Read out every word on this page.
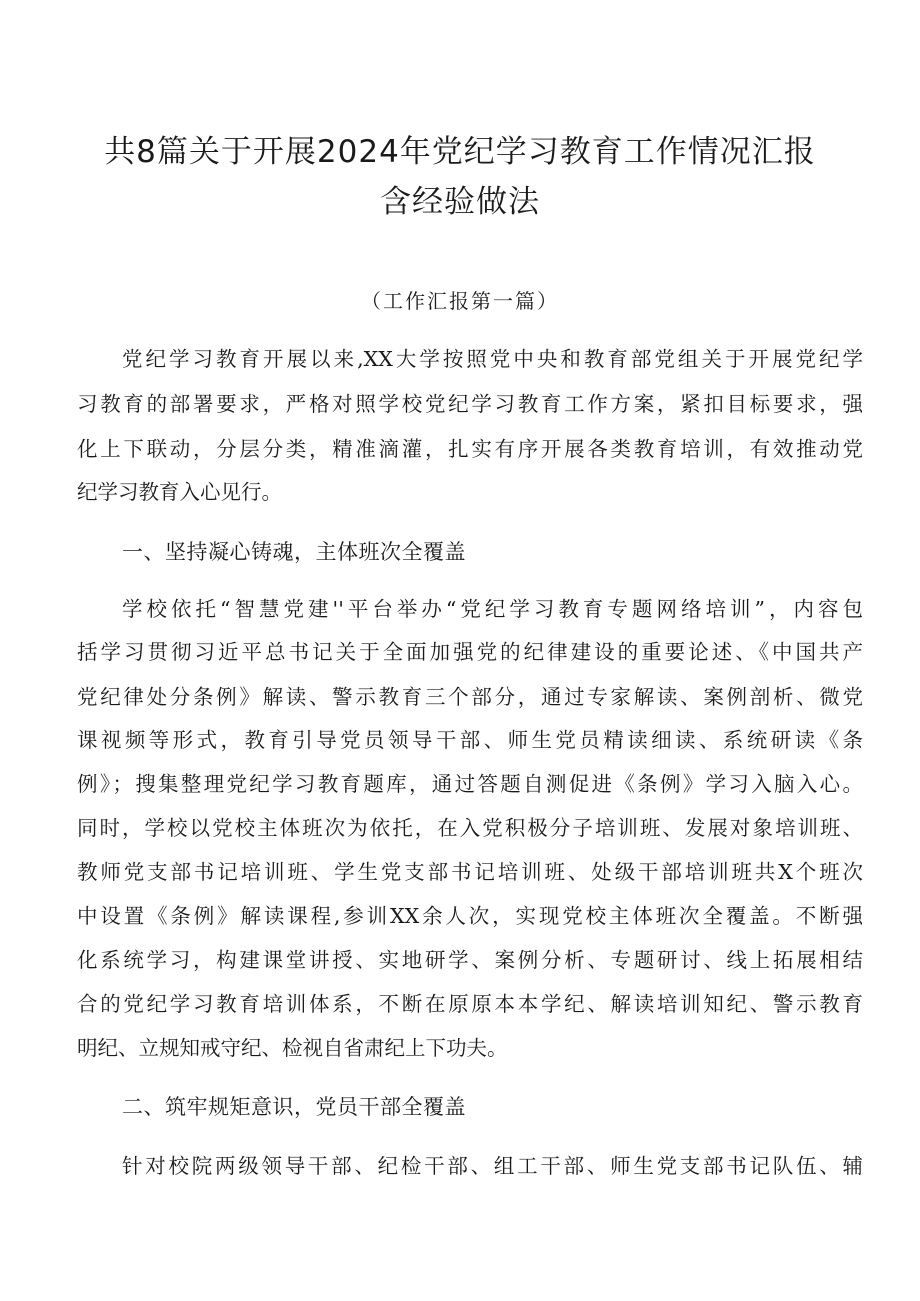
共8篇关于开展2024年党纪学习教育工作情况汇报
含经验做法
（工作汇报第一篇）
党纪学习教育开展以来,XX大学按照党中央和教育部党组关于开展党纪学
习教育的部署要求，严格对照学校党纪学习教育工作方案，紧扣目标要求，强
化上下联动，分层分类，精准滴灌，扎实有序开展各类教育培训，有效推动党
纪学习教育入心见行。
一、坚持凝心铸魂，主体班次全覆盖
学校依托“智慧党建''平台举办“党纪学习教育专题网络培训”，内容包
括学习贯彻习近平总书记关于全面加强党的纪律建设的重要论述、《中国共产
党纪律处分条例》解读、警示教育三个部分，通过专家解读、案例剖析、微党
课视频等形式，教育引导党员领导干部、师生党员精读细读、系统研读《条
例》；搜集整理党纪学习教育题库，通过答题自测促进《条例》学习入脑入心。
同时，学校以党校主体班次为依托，在入党积极分子培训班、发展对象培训班、
教师党支部书记培训班、学生党支部书记培训班、处级干部培训班共X个班次
中设置《条例》解读课程,参训XX余人次，实现党校主体班次全覆盖。不断强
化系统学习，构建课堂讲授、实地研学、案例分析、专题研讨、线上拓展相结
合的党纪学习教育培训体系，不断在原原本本学纪、解读培训知纪、警示教育
明纪、立规知戒守纪、检视自省肃纪上下功夫。
二、筑牢规矩意识，党员干部全覆盖
针对校院两级领导干部、纪检干部、组工干部、师生党支部书记队伍、辅
